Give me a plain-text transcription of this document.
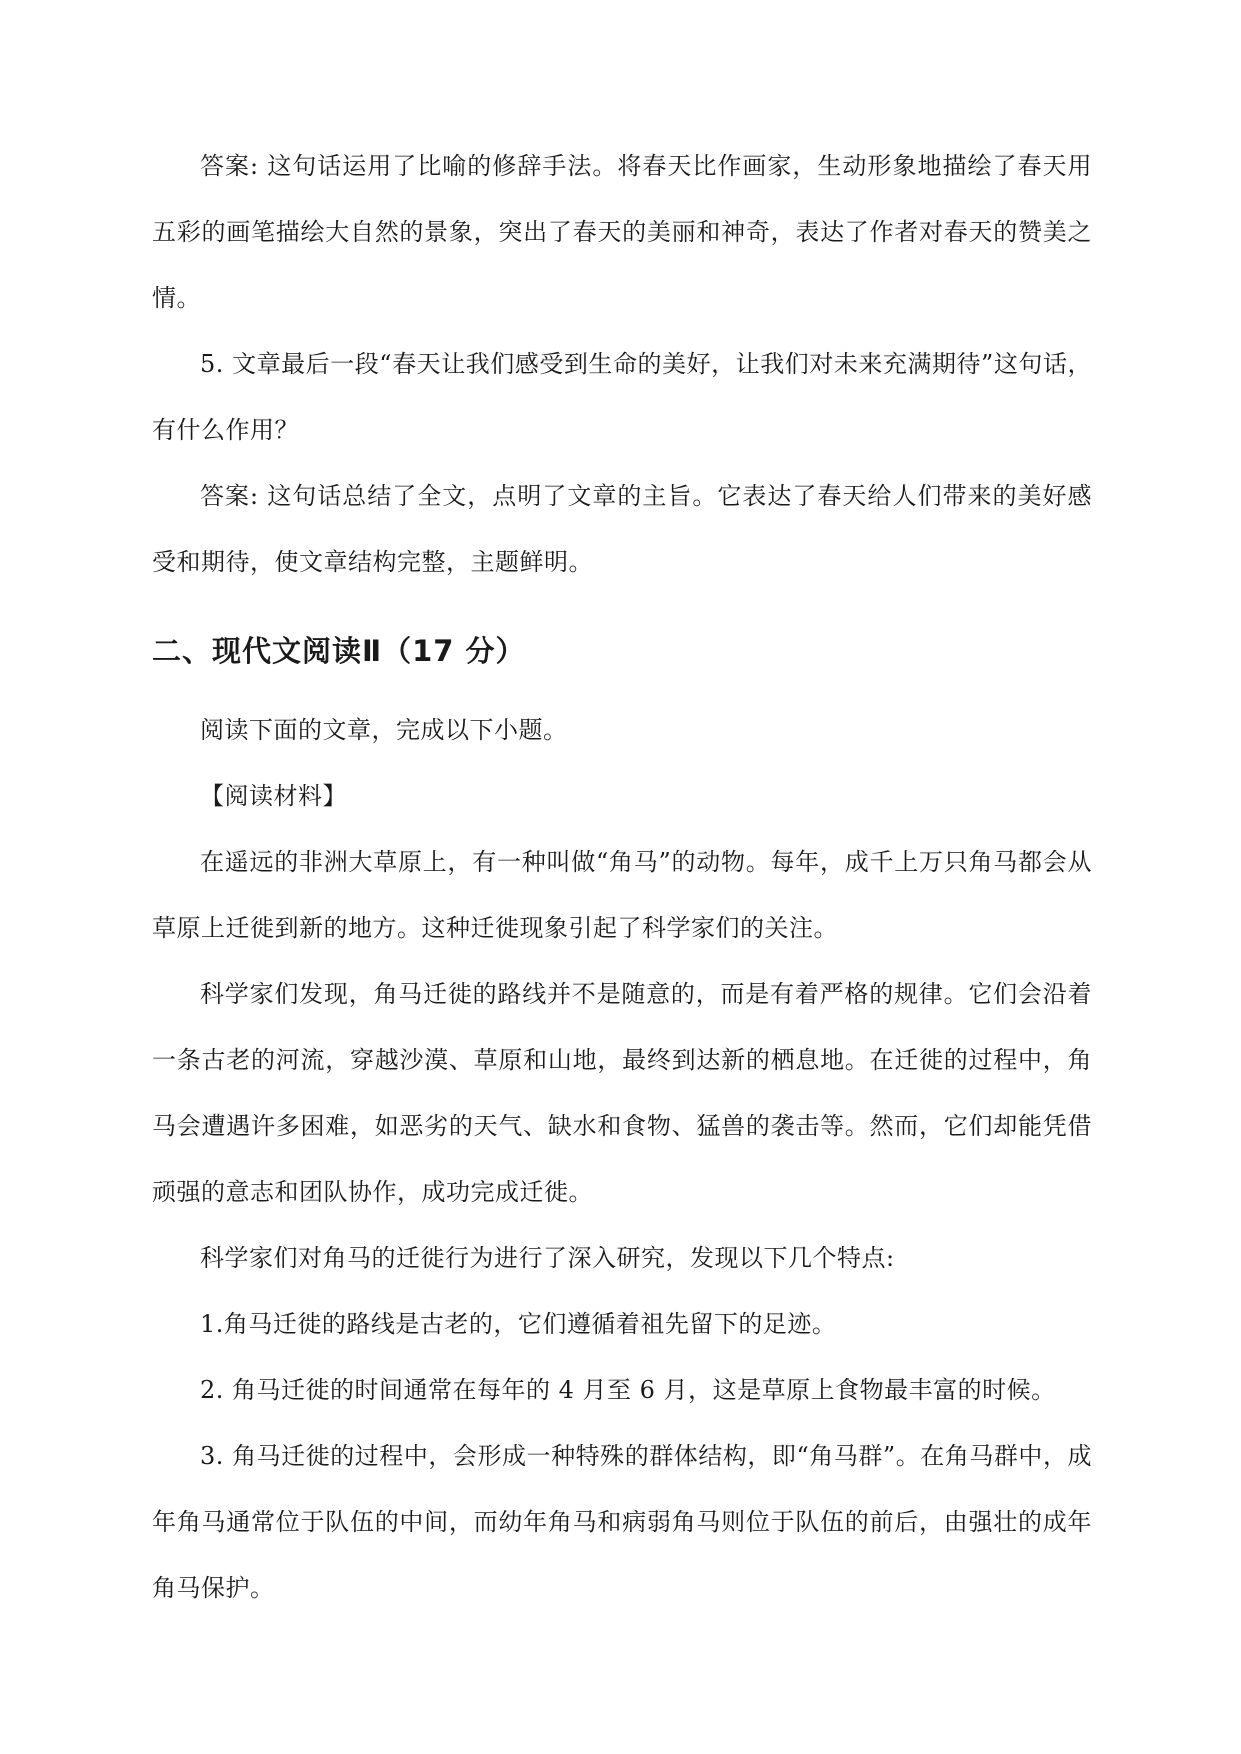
答案: 这句话运用了比喻的修辞手法。将春天比作画家，生动形象地描绘了春天用五彩的画笔描绘大自然的景象，突出了春天的美丽和神奇，表达了作者对春天的赞美之情。

5. 文章最后一段“春天让我们感受到生命的美好，让我们对未来充满期待”这句话，有什么作用？

答案: 这句话总结了全文，点明了文章的主旨。它表达了春天给人们带来的美好感受和期待，使文章结构完整，主题鲜明。

二、现代文阅读Ⅱ（17 分）

阅读下面的文章，完成以下小题。

【阅读材料】

在遥远的非洲大草原上，有一种叫做“角马”的动物。每年，成千上万只角马都会从草原上迁徙到新的地方。这种迁徙现象引起了科学家们的关注。

科学家们发现，角马迁徙的路线并不是随意的，而是有着严格的规律。它们会沿着一条古老的河流，穿越沙漠、草原和山地，最终到达新的栖息地。在迁徙的过程中，角马会遭遇许多困难，如恶劣的天气、缺水和食物、猛兽的袭击等。然而，它们却能凭借顽强的意志和团队协作，成功完成迁徙。

科学家们对角马的迁徙行为进行了深入研究，发现以下几个特点:

1.角马迁徙的路线是古老的，它们遵循着祖先留下的足迹。

2. 角马迁徙的时间通常在每年的 4 月至 6 月，这是草原上食物最丰富的时候。

3. 角马迁徙的过程中，会形成一种特殊的群体结构，即“角马群”。在角马群中，成年角马通常位于队伍的中间，而幼年角马和病弱角马则位于队伍的前后，由强壮的成年角马保护。
